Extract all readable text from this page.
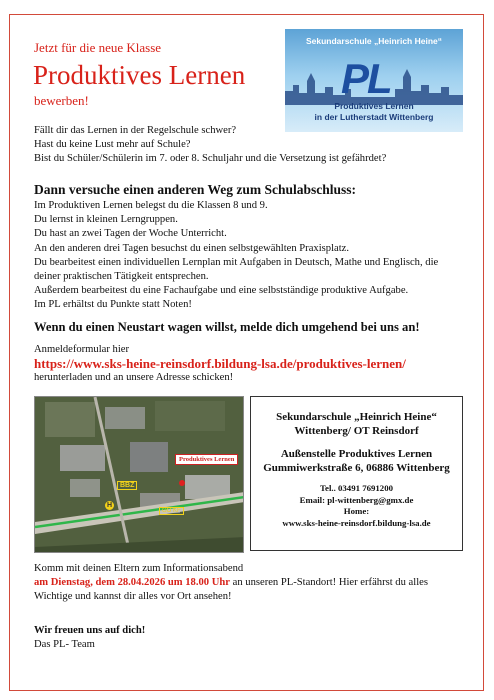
Jetzt für die neue Klasse
Produktives Lernen
bewerben!
Sekundarschule „Heinrich Heine“
PL
Produktives Lernen
in der Lutherstadt Wittenberg
Fällt dir das Lernen in der Regelschule schwer?
Hast du keine Lust mehr auf Schule?
Bist du Schüler/Schülerin im 7. oder 8. Schuljahr und die Versetzung ist gefährdet?
Dann versuche einen anderen Weg zum Schulabschluss:
Im Produktiven Lernen belegst du die Klassen 8 und 9.
Du lernst in kleinen Lerngruppen.
Du hast an zwei Tagen der Woche Unterricht.
An den anderen drei Tagen besuchst du einen selbstgewählten Praxisplatz.
Du bearbeitest einen individuellen Lernplan mit Aufgaben in Deutsch, Mathe und Englisch, die deiner praktischen Tätigkeit entsprechen.
Außerdem bearbeitest du eine Fachaufgabe und eine selbstständige produktive Aufgabe.
Im PL erhältst du Punkte statt Noten!
Wenn du einen Neustart wagen willst, melde dich umgehend bei uns an!
Anmeldeformular hier
https://www.sks-heine-reinsdorf.bildung-lsa.de/produktives-lernen/
herunterladen und an unsere Adresse schicken!
Produktives Lernen
BBZ
H
GO KF
Sekundarschule „Heinrich Heine“
Wittenberg/ OT Reinsdorf
Außenstelle Produktives Lernen
Gummiwerkstraße 6, 06886 Wittenberg
Tel.. 03491 7691200
Email: pl-wittenberg@gmx.de
Home:
www.sks-heine-reinsdorf.bildung-lsa.de
Komm mit deinen Eltern zum Informationsabend
am Dienstag, dem 28.04.2026 um 18.00 Uhr an unseren PL-Standort! Hier erfährst du alles Wichtige und kannst dir alles vor Ort ansehen!
Wir freuen uns auf dich!
Das PL- Team
